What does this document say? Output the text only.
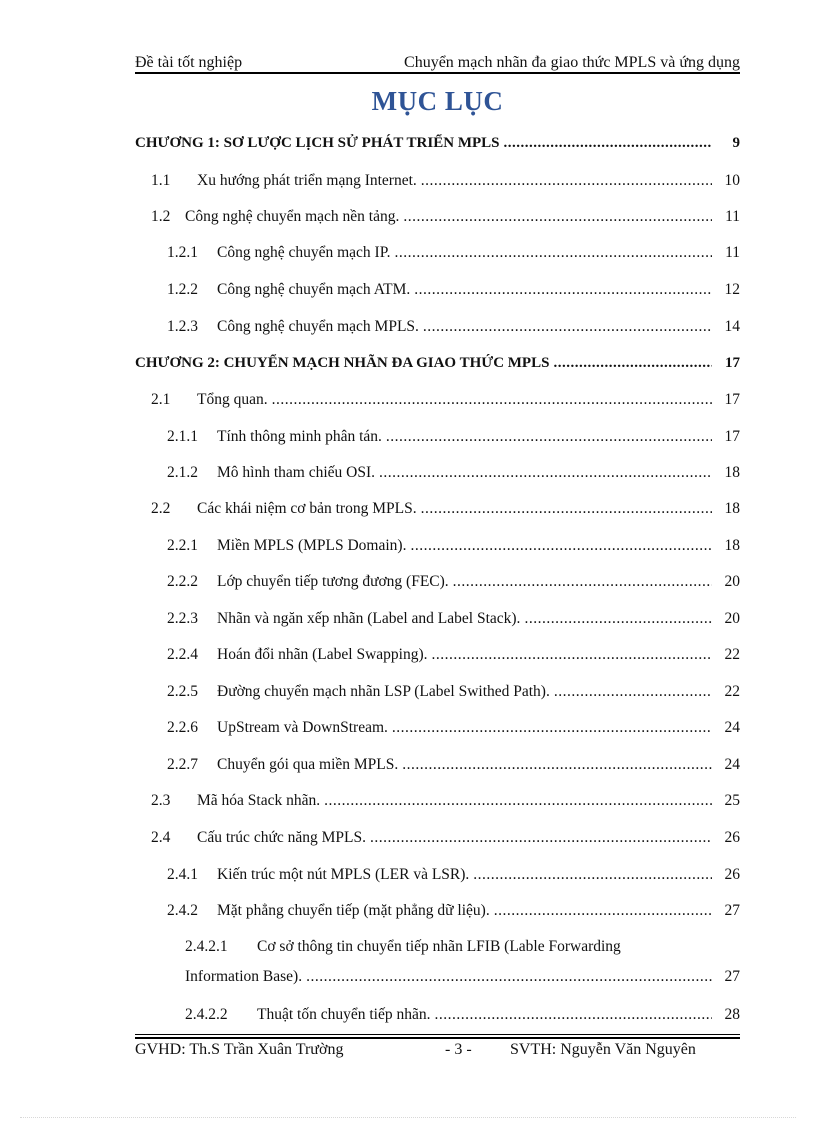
Đề tài tốt nghiệp	Chuyển mạch nhãn đa giao thức MPLS và ứng dụng
MỤC LỤC
CHƯƠNG 1: SƠ LƯỢC LỊCH SỬ PHÁT TRIỂN MPLS .....	9
1.1	Xu hướng phát triển mạng Internet. .....	10
1.2 Công nghệ chuyển mạch nền tảng. .....	11
1.2.1	Công nghệ chuyển mạch IP. .....	11
1.2.2	Công nghệ chuyển mạch ATM. .....	12
1.2.3	Công nghệ chuyển mạch MPLS. .....	14
CHƯƠNG 2: CHUYỂN MẠCH NHÃN ĐA GIAO THỨC MPLS .....	17
2.1	Tổng quan. .....	17
2.1.1	Tính thông minh phân tán. .....	17
2.1.2	Mô hình tham chiếu OSI. .....	18
2.2	Các khái niệm cơ bản trong MPLS. .....	18
2.2.1	Miền MPLS (MPLS Domain). .....	18
2.2.2	Lớp chuyển tiếp tương đương (FEC). .....	20
2.2.3	Nhãn và ngăn xếp nhãn (Label and Label Stack). .....	20
2.2.4	Hoán đổi nhãn (Label Swapping). .....	22
2.2.5	Đường chuyển mạch nhãn LSP (Label Swithed Path). .....	22
2.2.6	UpStream và DownStream. .....	24
2.2.7	Chuyển gói qua miền MPLS. .....	24
2.3	Mã hóa Stack nhãn. .....	25
2.4	Cấu trúc chức năng MPLS. .....	26
2.4.1	Kiến trúc một nút MPLS (LER và LSR). .....	26
2.4.2	Mặt phẳng chuyển tiếp (mặt phẳng dữ liệu). .....	27
2.4.2.1 Cơ sở thông tin chuyển tiếp nhãn LFIB (Lable Forwarding
Information Base). .....	27
2.4.2.2	Thuật tốn chuyển tiếp nhãn. .....	28
GVHD: Th.S Trần Xuân Trường	- 3 - SVTH: Nguyễn Văn Nguyên
